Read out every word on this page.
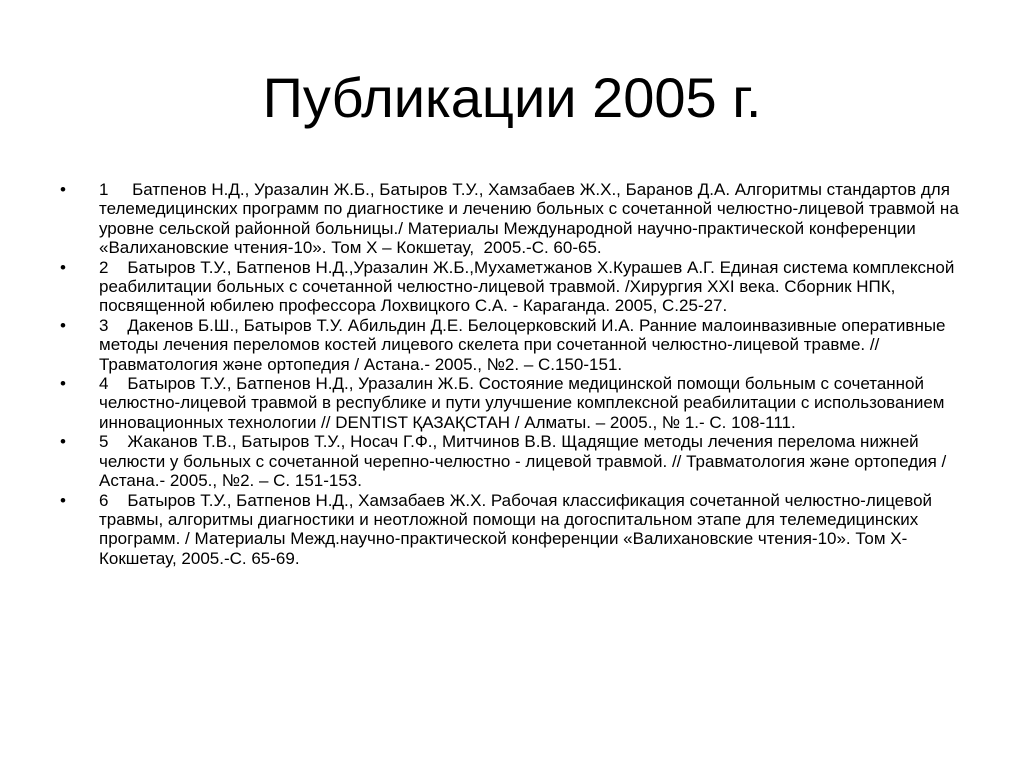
Публикации 2005 г.
• 1     Батпенов Н.Д., Уразалин Ж.Б., Батыров Т.У., Хамзабаев Ж.Х., Баранов Д.А. Алгоритмы стандартов для телемедицинских программ по диагностике и лечению больных с сочетанной челюстно-лицевой травмой на уровне сельской районной больницы./ Материалы Международной научно-практической конференции  «Валихановские чтения-10». Том X – Кокшетау,  2005.-С. 60-65.
• 2    Батыров Т.У., Батпенов Н.Д.,Уразалин Ж.Б.,Мухаметжанов Х.Курашев А.Г. Единая система комплексной реабилитации больных с сочетанной челюстно-лицевой травмой. /Хирургия XXI века. Сборник НПК, посвященной юбилею профессора Лохвицкого С.А. - Караганда. 2005, С.25-27.
• 3    Дакенов Б.Ш., Батыров Т.У. Абильдин Д.Е. Белоцерковский И.А. Ранние малоинвазивные оперативные методы лечения переломов костей лицевого скелета при сочетанной челюстно-лицевой травме. // Травматология және ортопедия / Астана.- 2005., №2. – С.150-151.
• 4    Батыров Т.У., Батпенов Н.Д., Уразалин Ж.Б. Состояние медицинской помощи больным с сочетанной челюстно-лицевой травмой в республике и пути улучшение комплексной реабилитации с использованием инновационных технологии // DENTIST ҚАЗАҚСТАН / Алматы. – 2005., № 1.- С. 108-111.
• 5    Жаканов Т.В., Батыров Т.У., Носач Г.Ф., Митчинов В.В. Щадящие методы лечения перелома нижней челюсти у больных с сочетанной черепно-челюстно - лицевой травмой. // Травматология және ортопедия / Астана.- 2005., №2. – С. 151-153.
• 6    Батыров Т.У., Батпенов Н.Д., Хамзабаев Ж.Х. Рабочая классификация сочетанной челюстно-лицевой травмы, алгоритмы диагностики и неотложной помощи на догоспитальном этапе для телемедицинских программ. / Материалы Межд.научно-практической конференции «Валихановские чтения-10». Том X-Кокшетау, 2005.-С. 65-69.
